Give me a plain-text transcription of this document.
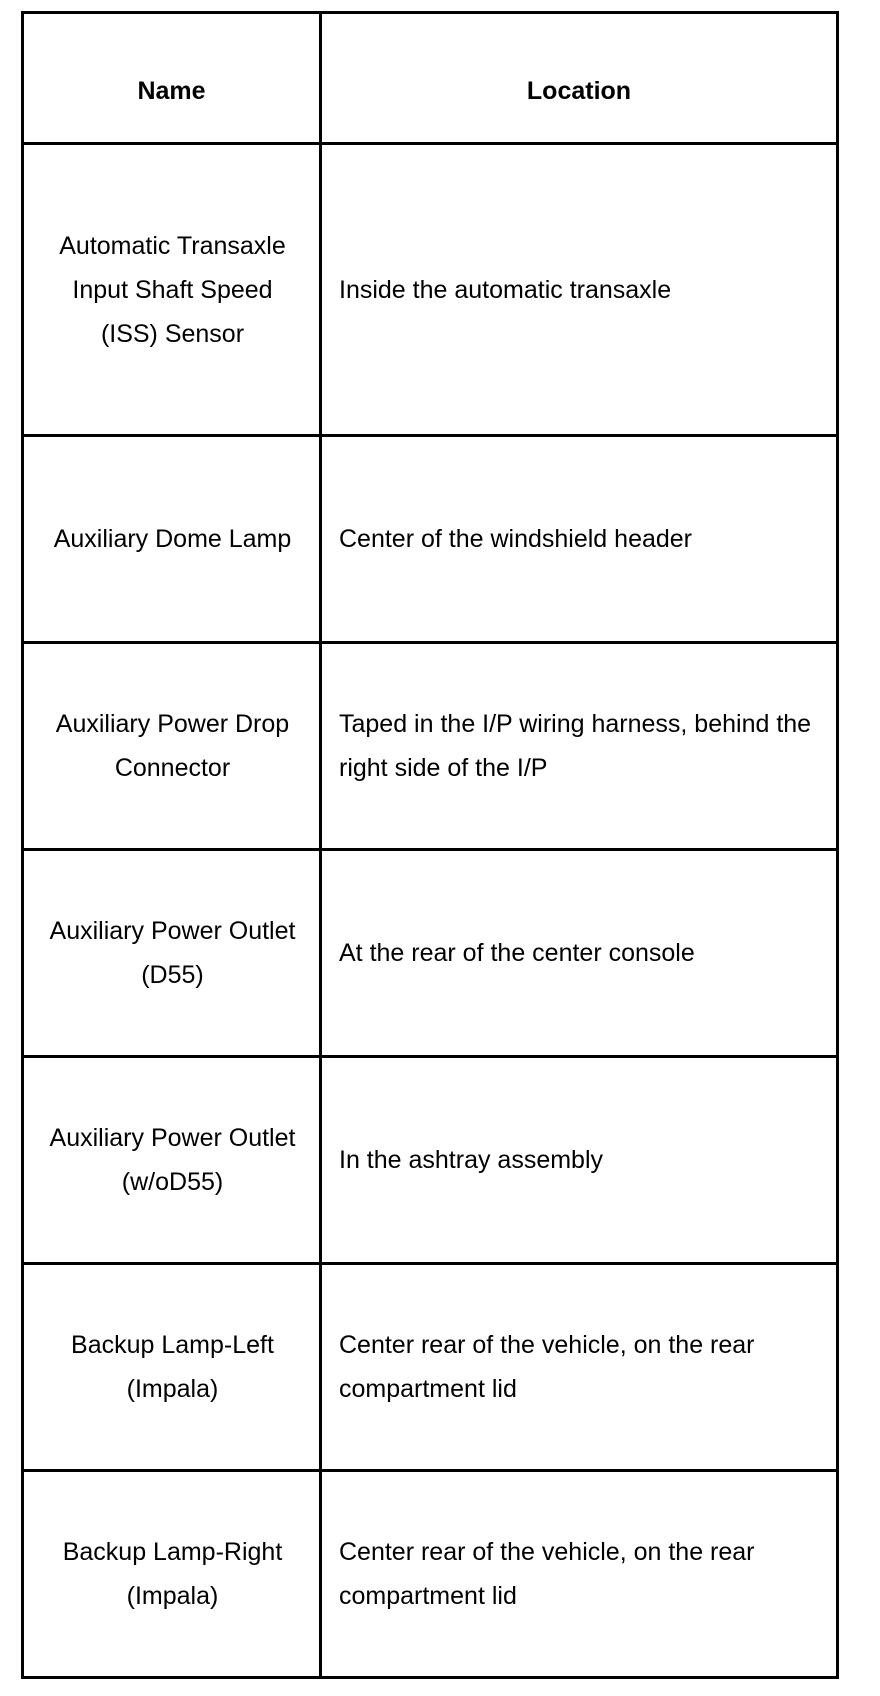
Name	Location
Automatic Transaxle Input Shaft Speed (ISS) Sensor	Inside the automatic transaxle
Auxiliary Dome Lamp	Center of the windshield header
Auxiliary Power Drop Connector	Taped in the I/P wiring harness, behind the right side of the I/P
Auxiliary Power Outlet (D55)	At the rear of the center console
Auxiliary Power Outlet (w/oD55)	In the ashtray assembly
Backup Lamp-Left (Impala)	Center rear of the vehicle, on the rear compartment lid
Backup Lamp-Right (Impala)	Center rear of the vehicle, on the rear compartment lid
